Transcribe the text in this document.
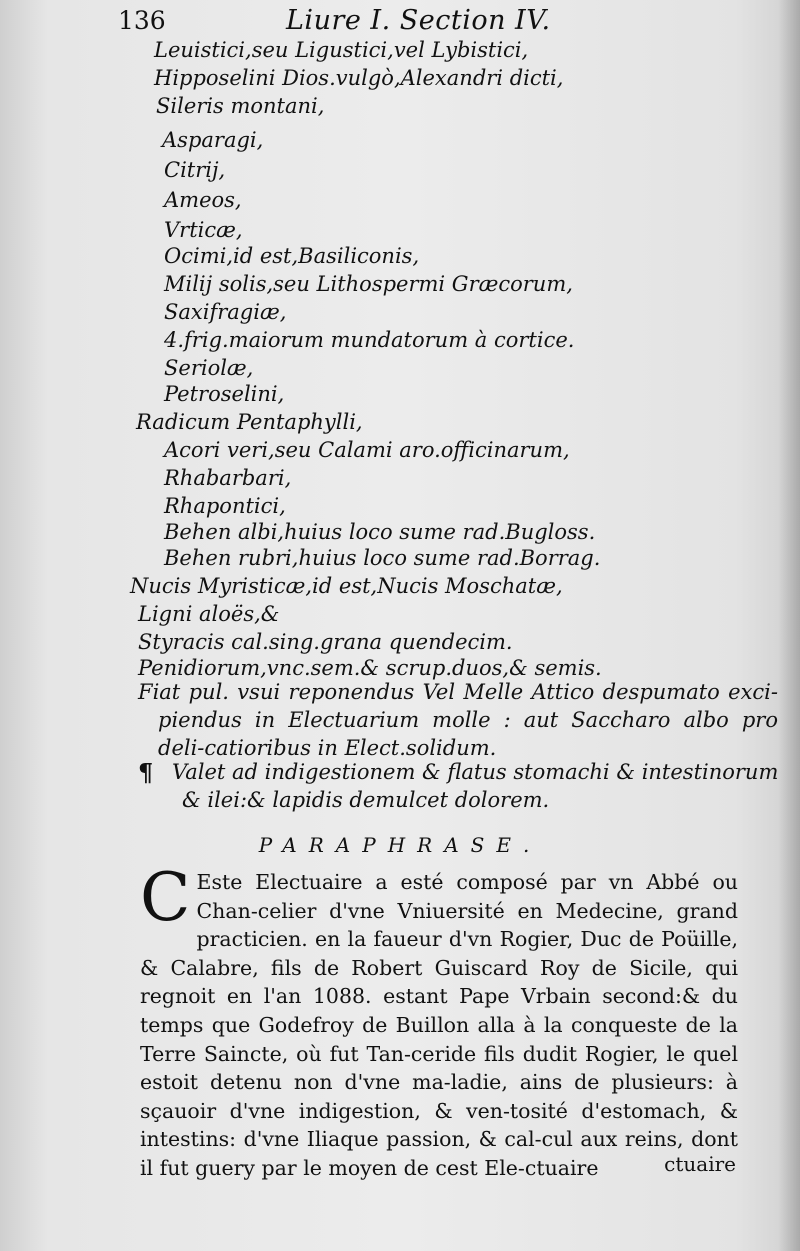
136	Liure I. Section IV.
Leuistici,seu Ligustici,vel Lybistici,
Hipposelini Dios.vulgò,Alexandri dicti,
Sileris montani,
Asparagi,
Citrij,
Ameos,
Vrticæ,
Ocimi,id est,Basiliconis,
Milij solis,seu Lithospermi Græcorum,
Saxifragiæ,
4.frig.maiorum mundatorum à cortice.
Seriolæ,
Petroselini,
Radicum Pentaphylli,
Acori veri,seu Calami aro.officinarum,
Rhabarbari,
Rhapontici,
Behen albi,huius loco sume rad.Bugloss.
Behen rubri,huius loco sume rad.Borrag.
Nucis Myristicæ,id est,Nucis Moschatæ,
Ligni aloës,&
Styracis cal.sing.grana quendecim.
Penidiorum,vnc.sem.& scrup.duos,& semis.

Fiat pul. vsui reponendus Vel Melle Attico despumato exci-piendus in Electuarium molle : aut Saccharo albo pro deli-catioribus in Elect.solidum.

¶ Valet ad indigestionem & flatus stomachi & intestinorum & ilei:& lapidis demulcet dolorem.

PARAPHRASE.

C Este Electuaire a esté composé par vn Abbé ou Chan-celier d'vne Vniuersité en Medecine, grand practicien. en la faueur d'vn Rogier, Duc de Poüille, & Calabre, fils de Robert Guiscard Roy de Sicile, qui regnoit en l'an 1088. estant Pape Vrbain second:& du temps que Godefroy de Buillon alla à la conqueste de la Terre Saincte, où fut Tan-ceride fils dudit Rogier, le quel estoit detenu non d'vne ma-ladie, ains de plusieurs: à sçauoir d'vne indigestion, & ven-tosité d'estomach, & intestins: d'vne Iliaque passion, & cal-cul aux reins, dont il fut guery par le moyen de cest Ele-ctuaire	ctuaire
